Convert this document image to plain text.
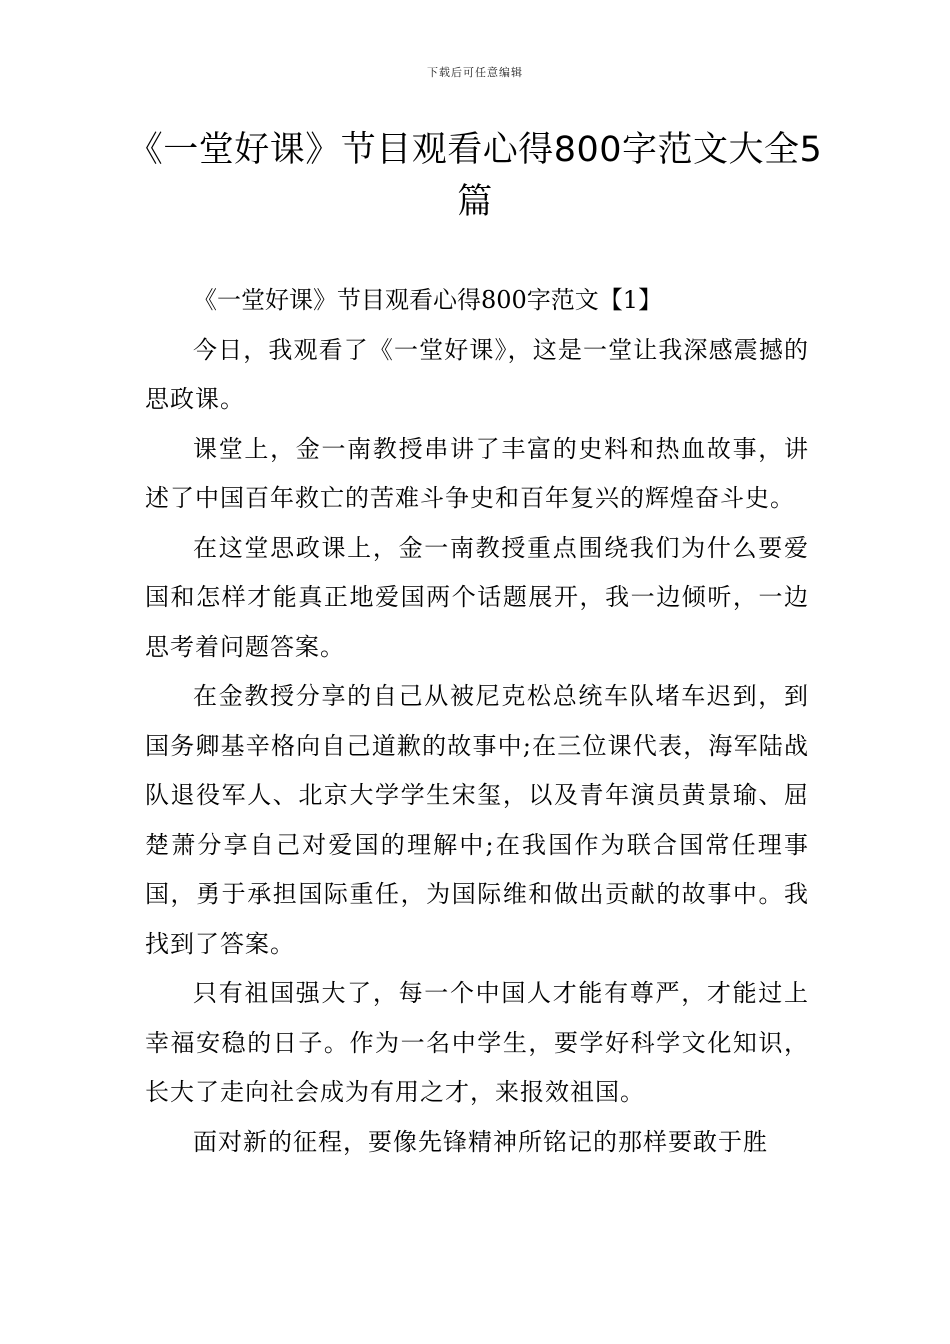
下载后可任意编辑
《一堂好课》节目观看心得800字范文大全5篇

《一堂好课》节目观看心得800字范文【1】

今日，我观看了《一堂好课》，这是一堂让我深感震撼的思政课。

课堂上，金一南教授串讲了丰富的史料和热血故事，讲述了中国百年救亡的苦难斗争史和百年复兴的辉煌奋斗史。

在这堂思政课上，金一南教授重点围绕我们为什么要爱国和怎样才能真正地爱国两个话题展开，我一边倾听，一边思考着问题答案。

在金教授分享的自己从被尼克松总统车队堵车迟到，到国务卿基辛格向自己道歉的故事中;在三位课代表，海军陆战队退役军人、北京大学学生宋玺，以及青年演员黄景瑜、屈楚萧分享自己对爱国的理解中;在我国作为联合国常任理事国，勇于承担国际重任，为国际维和做出贡献的故事中。我找到了答案。

只有祖国强大了，每一个中国人才能有尊严，才能过上幸福安稳的日子。作为一名中学生，要学好科学文化知识，长大了走向社会成为有用之才，来报效祖国。

面对新的征程，要像先锋精神所铭记的那样要敢于胜
